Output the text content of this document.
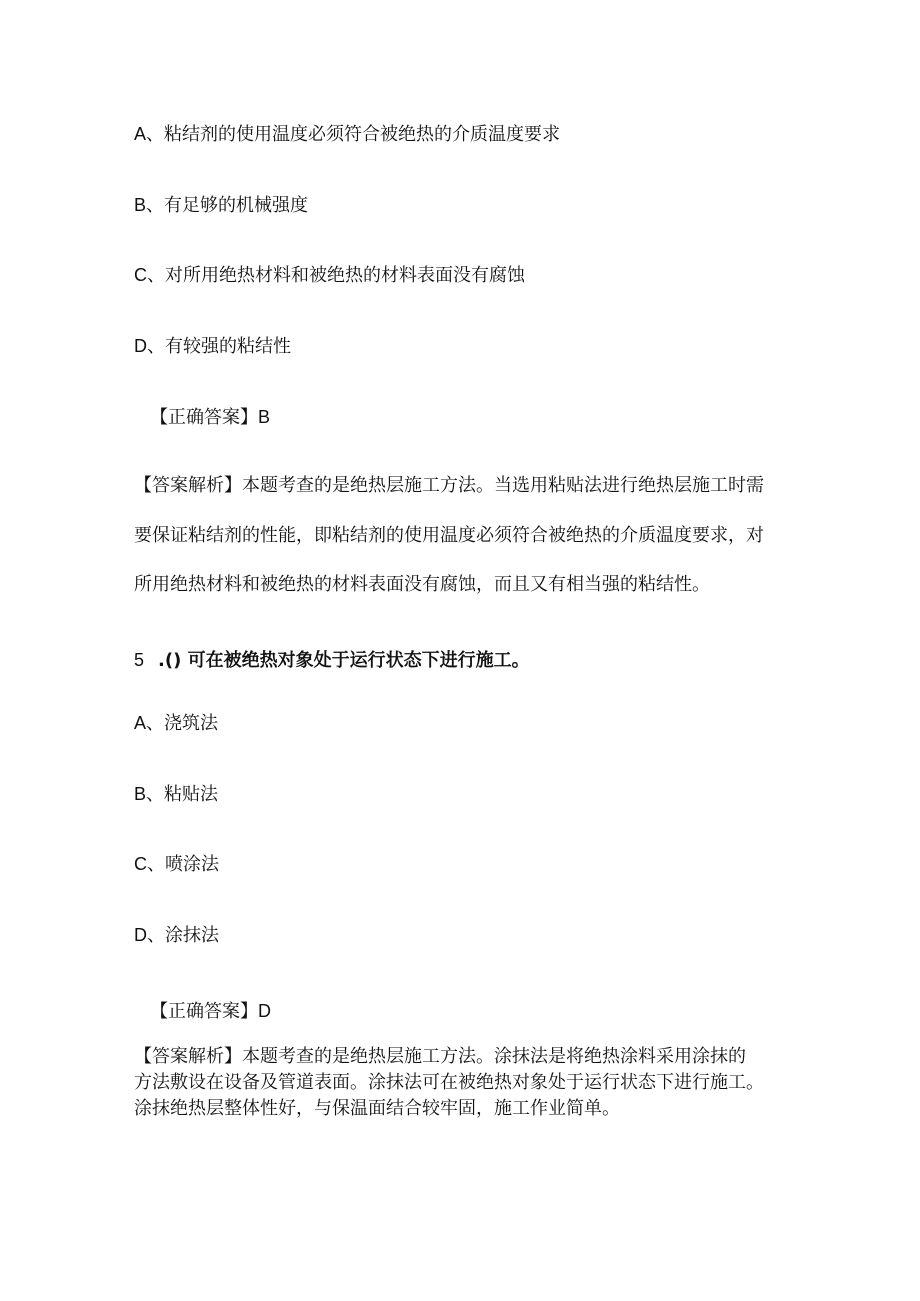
A、粘结剂的使用温度必须符合被绝热的介质温度要求
B、有足够的机械强度
C、对所用绝热材料和被绝热的材料表面没有腐蚀
D、有较强的粘结性
【正确答案】B
【答案解析】本题考查的是绝热层施工方法。当选用粘贴法进行绝热层施工时需
要保证粘结剂的性能，即粘结剂的使用温度必须符合被绝热的介质温度要求，对
所用绝热材料和被绝热的材料表面没有腐蚀，而且又有相当强的粘结性。
5 .() 可在被绝热对象处于运行状态下进行施工。
A、浇筑法
B、粘贴法
C、喷涂法
D、涂抹法
【正确答案】D
【答案解析】本题考查的是绝热层施工方法。涂抹法是将绝热涂料采用涂抹的
方法敷设在设备及管道表面。涂抹法可在被绝热对象处于运行状态下进行施工。
涂抹绝热层整体性好，与保温面结合较牢固，施工作业简单。
